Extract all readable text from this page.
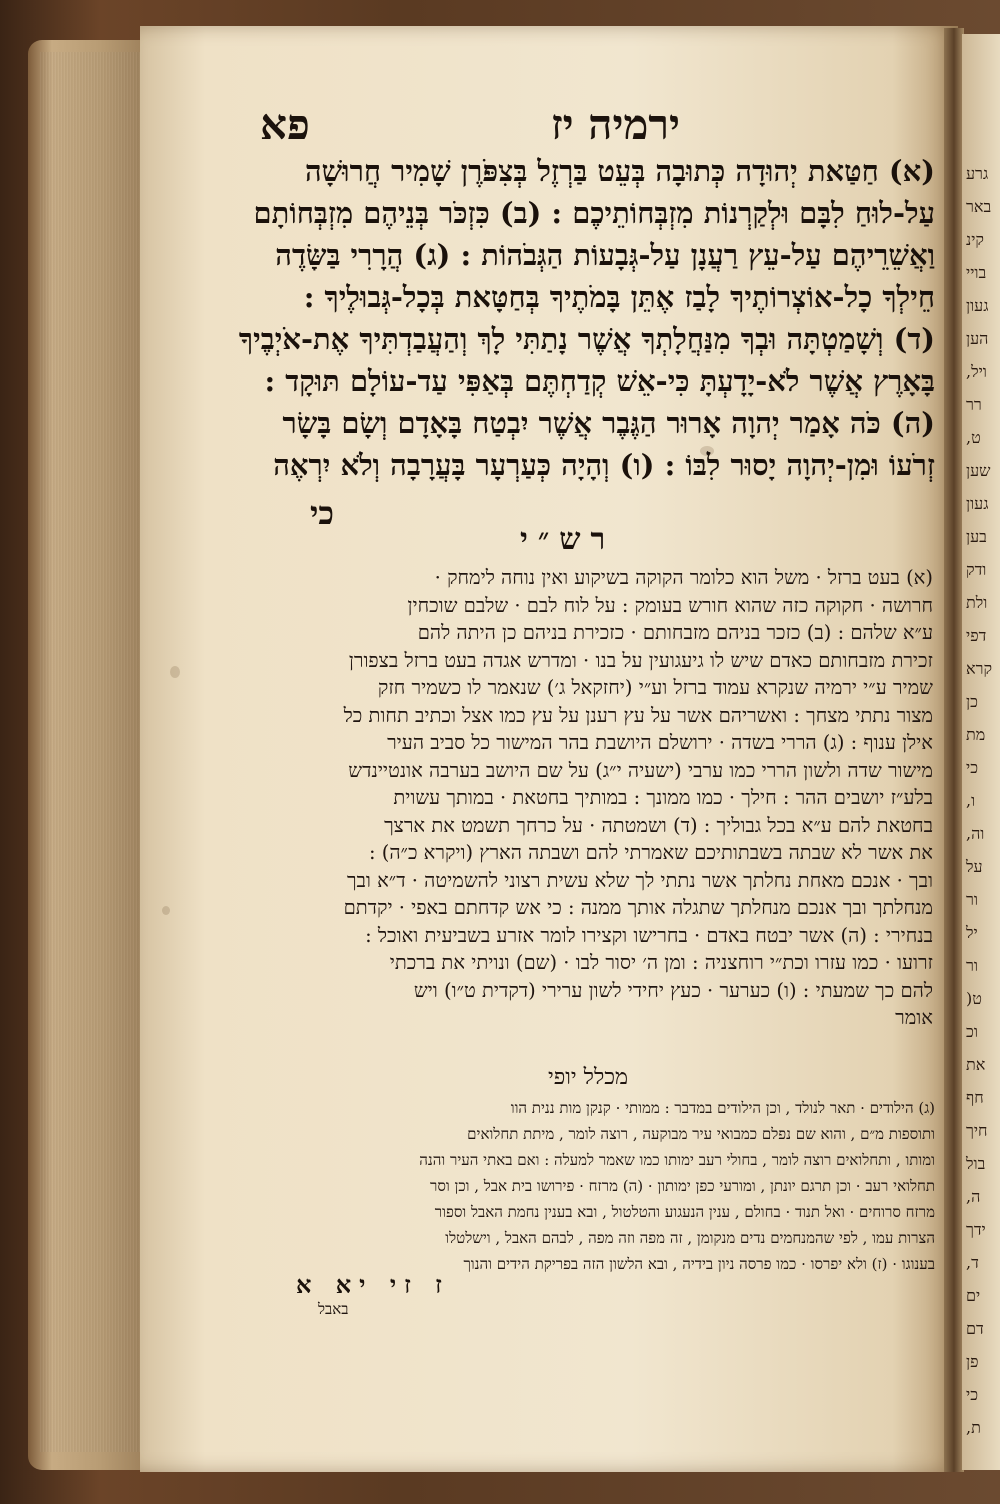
גרע
באר
קינ
בויי
געון
הען
ויל,
רר
ט,
שען
געון
בען
ודק
ולת
דפי
קרא
כן
מת
כי
ו,
וה,
על
ור
יל
ור
ט(
וכ
את
חף
חיך
בול
ה,
ידך
ד,
ים
דם
פן
כי
ת,
ירמיה יז
פא
(א) חַטַּאת יְהוּדָה כְּתוּבָה בְּעֵט בַּרְזֶל בְּצִפֹּרֶן שָׁמִיר חֲרוּשָׁה
עַל-לוּחַ לִבָּם וּלְקַרְנוֹת מִזְבְּחוֹתֵיכֶם : (ב) כִּזְכֹּר בְּנֵיהֶם מִזְבְּחוֹתָם
וַאֲשֵׁרֵיהֶם עַל-עֵץ רַעֲנָן עַל-גְּבָעוֹת הַגְּבֹהוֹת : (ג) הֲרָרִי בַּשָּׂדֶה
חֵילְךָ כָל-אוֹצְרוֹתֶיךָ לָבַז אֶתֵּן בָּמֹתֶיךָ בְּחַטָּאת בְּכָל-גְּבוּלֶיךָ :
(ד) וְשָׁמַטְתָּה וּבְךָ מִנַּחֲלָתְךָ אֲשֶׁר נָתַתִּי לָךְ וְהַעֲבַדְתִּיךָ אֶת-אֹיְבֶיךָ
בָּאָרֶץ אֲשֶׁר לֹא-יָדָעְתָּ כִּי-אֵשׁ קְדַחְתֶּם בְּאַפִּי עַד-עוֹלָם תּוּקָד :
(ה) כֹּה אָמַר יְהוָה אָרוּר הַגֶּבֶר אֲשֶׁר יִבְטַח בָּאָדָם וְשָׂם בָּשָׂר
זְרֹעוֹ וּמִן-יְהוָה יָסוּר לִבּוֹ : (ו) וְהָיָה כְּעַרְעָר בָּעֲרָבָה וְלֹא יִרְאֶה
כי
רש״י
(א) בעט ברזל · משל הוא כלומר הקוקה בשיקוע ואין נוחה לימחק ·
חרושה · חקוקה כזה שהוא חורש בעומק : על לוח לבם · שלבם שוכחין
ע״א שלהם : (ב) כזכר בניהם מזבחותם · כזכירת בניהם כן היתה להם
זכירת מזבחותם כאדם שיש לו גיעגועין על בנו · ומדרש אגדה בעט ברזל בצפורן
שמיר ע״י ירמיה שנקרא עמוד ברזל וע״י (יחזקאל ג׳) שנאמר לו כשמיר חזק
מצור נתתי מצחך : ואשריהם אשר על עץ רענן על עץ כמו אצל וכתיב תחות כל
אילן ענוף : (ג) הררי בשדה · ירושלם היושבת בהר המישור כל סביב העיר
מישור שדה ולשון הררי כמו ערבי (ישעיה י״ג) על שם היושב בערבה אונטיינדש
בלע״ז יושבים ההר : חילך · כמו ממונך : במותיך בחטאת · במותך עשוית
בחטאת להם ע״א בכל גבוליך : (ד) ושמטתה · על כרחך תשמט את ארצך
את אשר לא שבתה בשבתותיכם שאמרתי להם ושבתה הארץ (ויקרא כ״ה) :
ובך · אנכם מאחת נחלתך אשר נתתי לך שלא עשית רצוני להשמיטה · ד״א ובך
מנחלתך ובך אנכם מנחלתך שתגלה אותך ממנה : כי אש קדחתם באפי · יקדתם
בנחירי : (ה) אשר יבטח באדם · בחרישו וקצירו לומר אזרע בשביעית ואוכל :
זרועו · כמו עזרו וכת״י רוחצניה : ומן ה׳ יסור לבו · (שם) ונויתי את ברכתי
להם כך שמעתי : (ו) כערער · כעץ יחידי לשון ערירי (דקדית ט״ו) ויש
אומר
מכלל יופי
(ג) הילודים · תאר לנולד , וכן הילודים במדבר : ממותי · קנקן מות ננית הוו
ותוספות מ״ם , והוא שם נפלם כמבואי עיר מבוקעה , רוצה לומר , מיתת תחלואים
ומותו , ותחלואים רוצה לומר , בחולי רעב ימותו כמו שאמר למעלה : ואם באתי העיר והנה
תחלואי רעב · וכן תרגם יונתן , ומורעי כפן ימותון · (ה) מרזח · פירושו בית אבל , וכן וסר
מרזח סרוחים · ואל תנוד · בחולם , ענין הנעגוע והטלטול , ובא בענין נחמת האבל וספור
הצרות עמו , לפי שהמנחמים נדים מנקומן , זה מפה וזה מפה , לבהם האבל , וישלטלו
בענוגו · (ז) ולא יפרסו · כמו פרסה ניון בידיה , ובא הלשון הזה בפריקת הידים והנוך
ז זי יא א
באבל
